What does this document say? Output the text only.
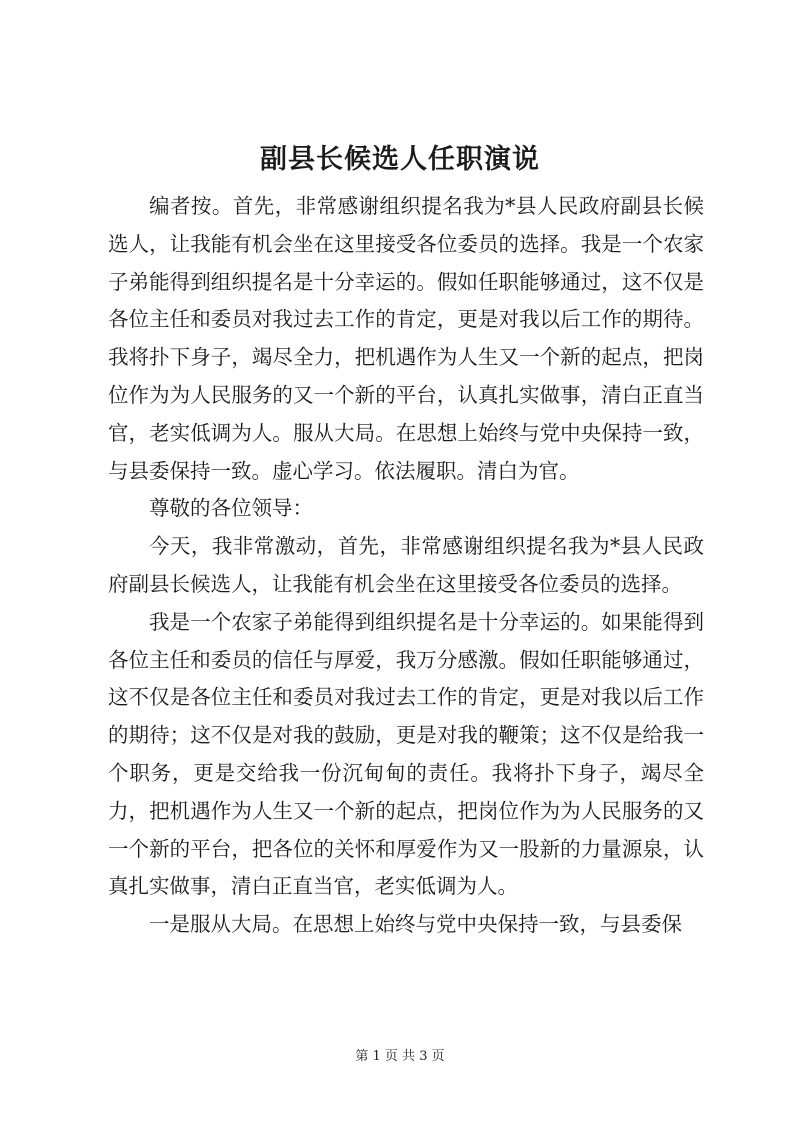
副县长候选人任职演说

编者按。首先，非常感谢组织提名我为*县人民政府副县长候选人，让我能有机会坐在这里接受各位委员的选择。我是一个农家子弟能得到组织提名是十分幸运的。假如任职能够通过，这不仅是各位主任和委员对我过去工作的肯定，更是对我以后工作的期待。我将扑下身子，竭尽全力，把机遇作为人生又一个新的起点，把岗位作为为人民服务的又一个新的平台，认真扎实做事，清白正直当官，老实低调为人。服从大局。在思想上始终与党中央保持一致，与县委保持一致。虚心学习。依法履职。清白为官。

尊敬的各位领导：

今天，我非常激动，首先，非常感谢组织提名我为*县人民政府副县长候选人，让我能有机会坐在这里接受各位委员的选择。

我是一个农家子弟能得到组织提名是十分幸运的。如果能得到各位主任和委员的信任与厚爱，我万分感激。假如任职能够通过，这不仅是各位主任和委员对我过去工作的肯定，更是对我以后工作的期待；这不仅是对我的鼓励，更是对我的鞭策；这不仅是给我一个职务，更是交给我一份沉甸甸的责任。我将扑下身子，竭尽全力，把机遇作为人生又一个新的起点，把岗位作为为人民服务的又一个新的平台，把各位的关怀和厚爱作为又一股新的力量源泉，认真扎实做事，清白正直当官，老实低调为人。

一是服从大局。在思想上始终与党中央保持一致，与县委保

第 1 页 共 3 页
